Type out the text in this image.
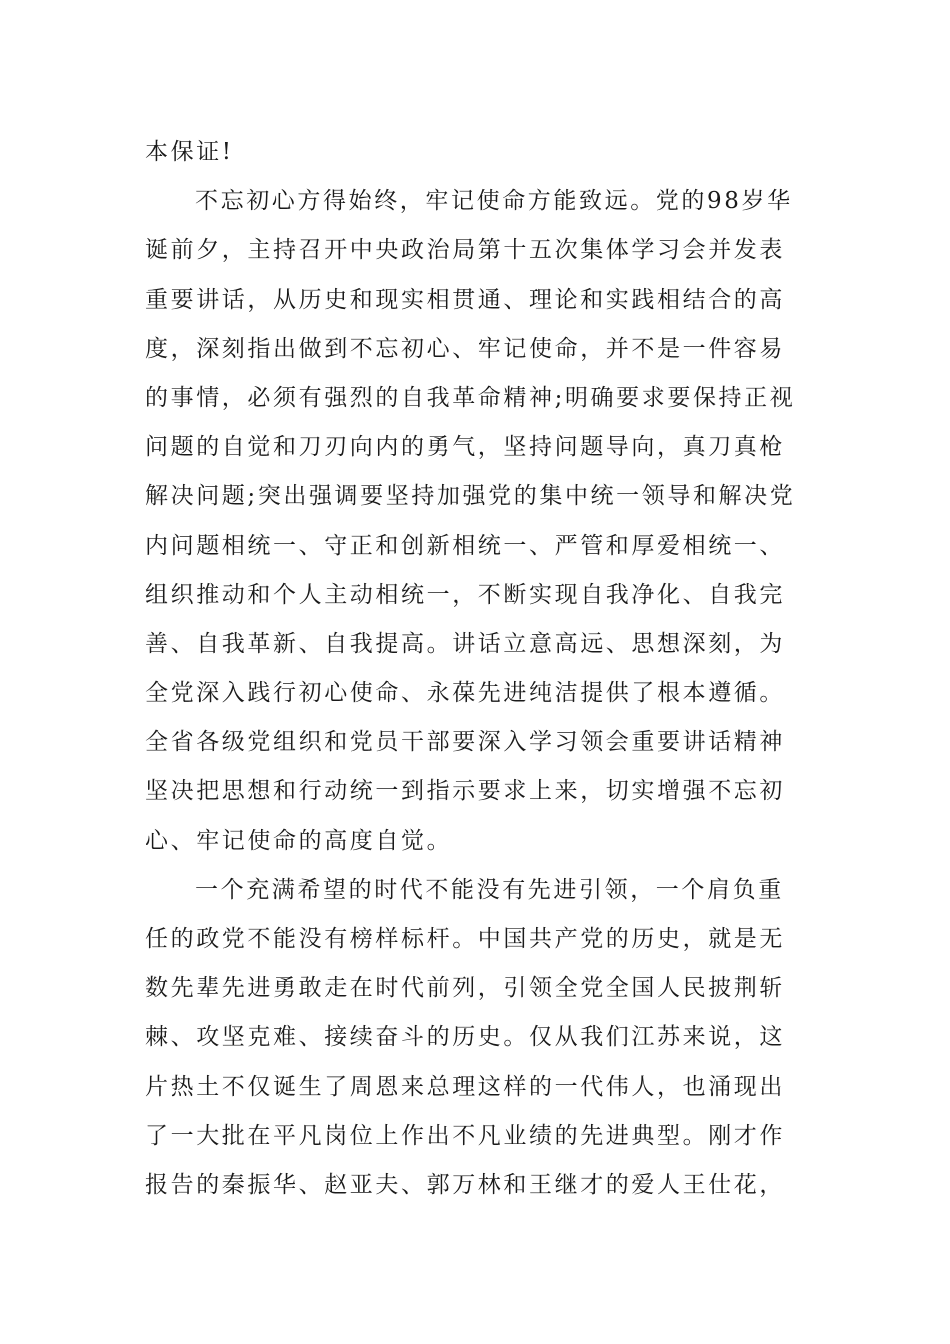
本保证!
不忘初心方得始终，牢记使命方能致远。党的98岁华
诞前夕，主持召开中央政治局第十五次集体学习会并发表
重要讲话，从历史和现实相贯通、理论和实践相结合的高
度，深刻指出做到不忘初心、牢记使命，并不是一件容易
的事情，必须有强烈的自我革命精神;明确要求要保持正视
问题的自觉和刀刃向内的勇气，坚持问题导向，真刀真枪
解决问题;突出强调要坚持加强党的集中统一领导和解决党
内问题相统一、守正和创新相统一、严管和厚爱相统一、
组织推动和个人主动相统一，不断实现自我净化、自我完
善、自我革新、自我提高。讲话立意高远、思想深刻，为
全党深入践行初心使命、永葆先进纯洁提供了根本遵循。
全省各级党组织和党员干部要深入学习领会重要讲话精神
坚决把思想和行动统一到指示要求上来，切实增强不忘初
心、牢记使命的高度自觉。
一个充满希望的时代不能没有先进引领，一个肩负重
任的政党不能没有榜样标杆。中国共产党的历史，就是无
数先辈先进勇敢走在时代前列，引领全党全国人民披荆斩
棘、攻坚克难、接续奋斗的历史。仅从我们江苏来说，这
片热土不仅诞生了周恩来总理这样的一代伟人，也涌现出
了一大批在平凡岗位上作出不凡业绩的先进典型。刚才作
报告的秦振华、赵亚夫、郭万林和王继才的爱人王仕花，
